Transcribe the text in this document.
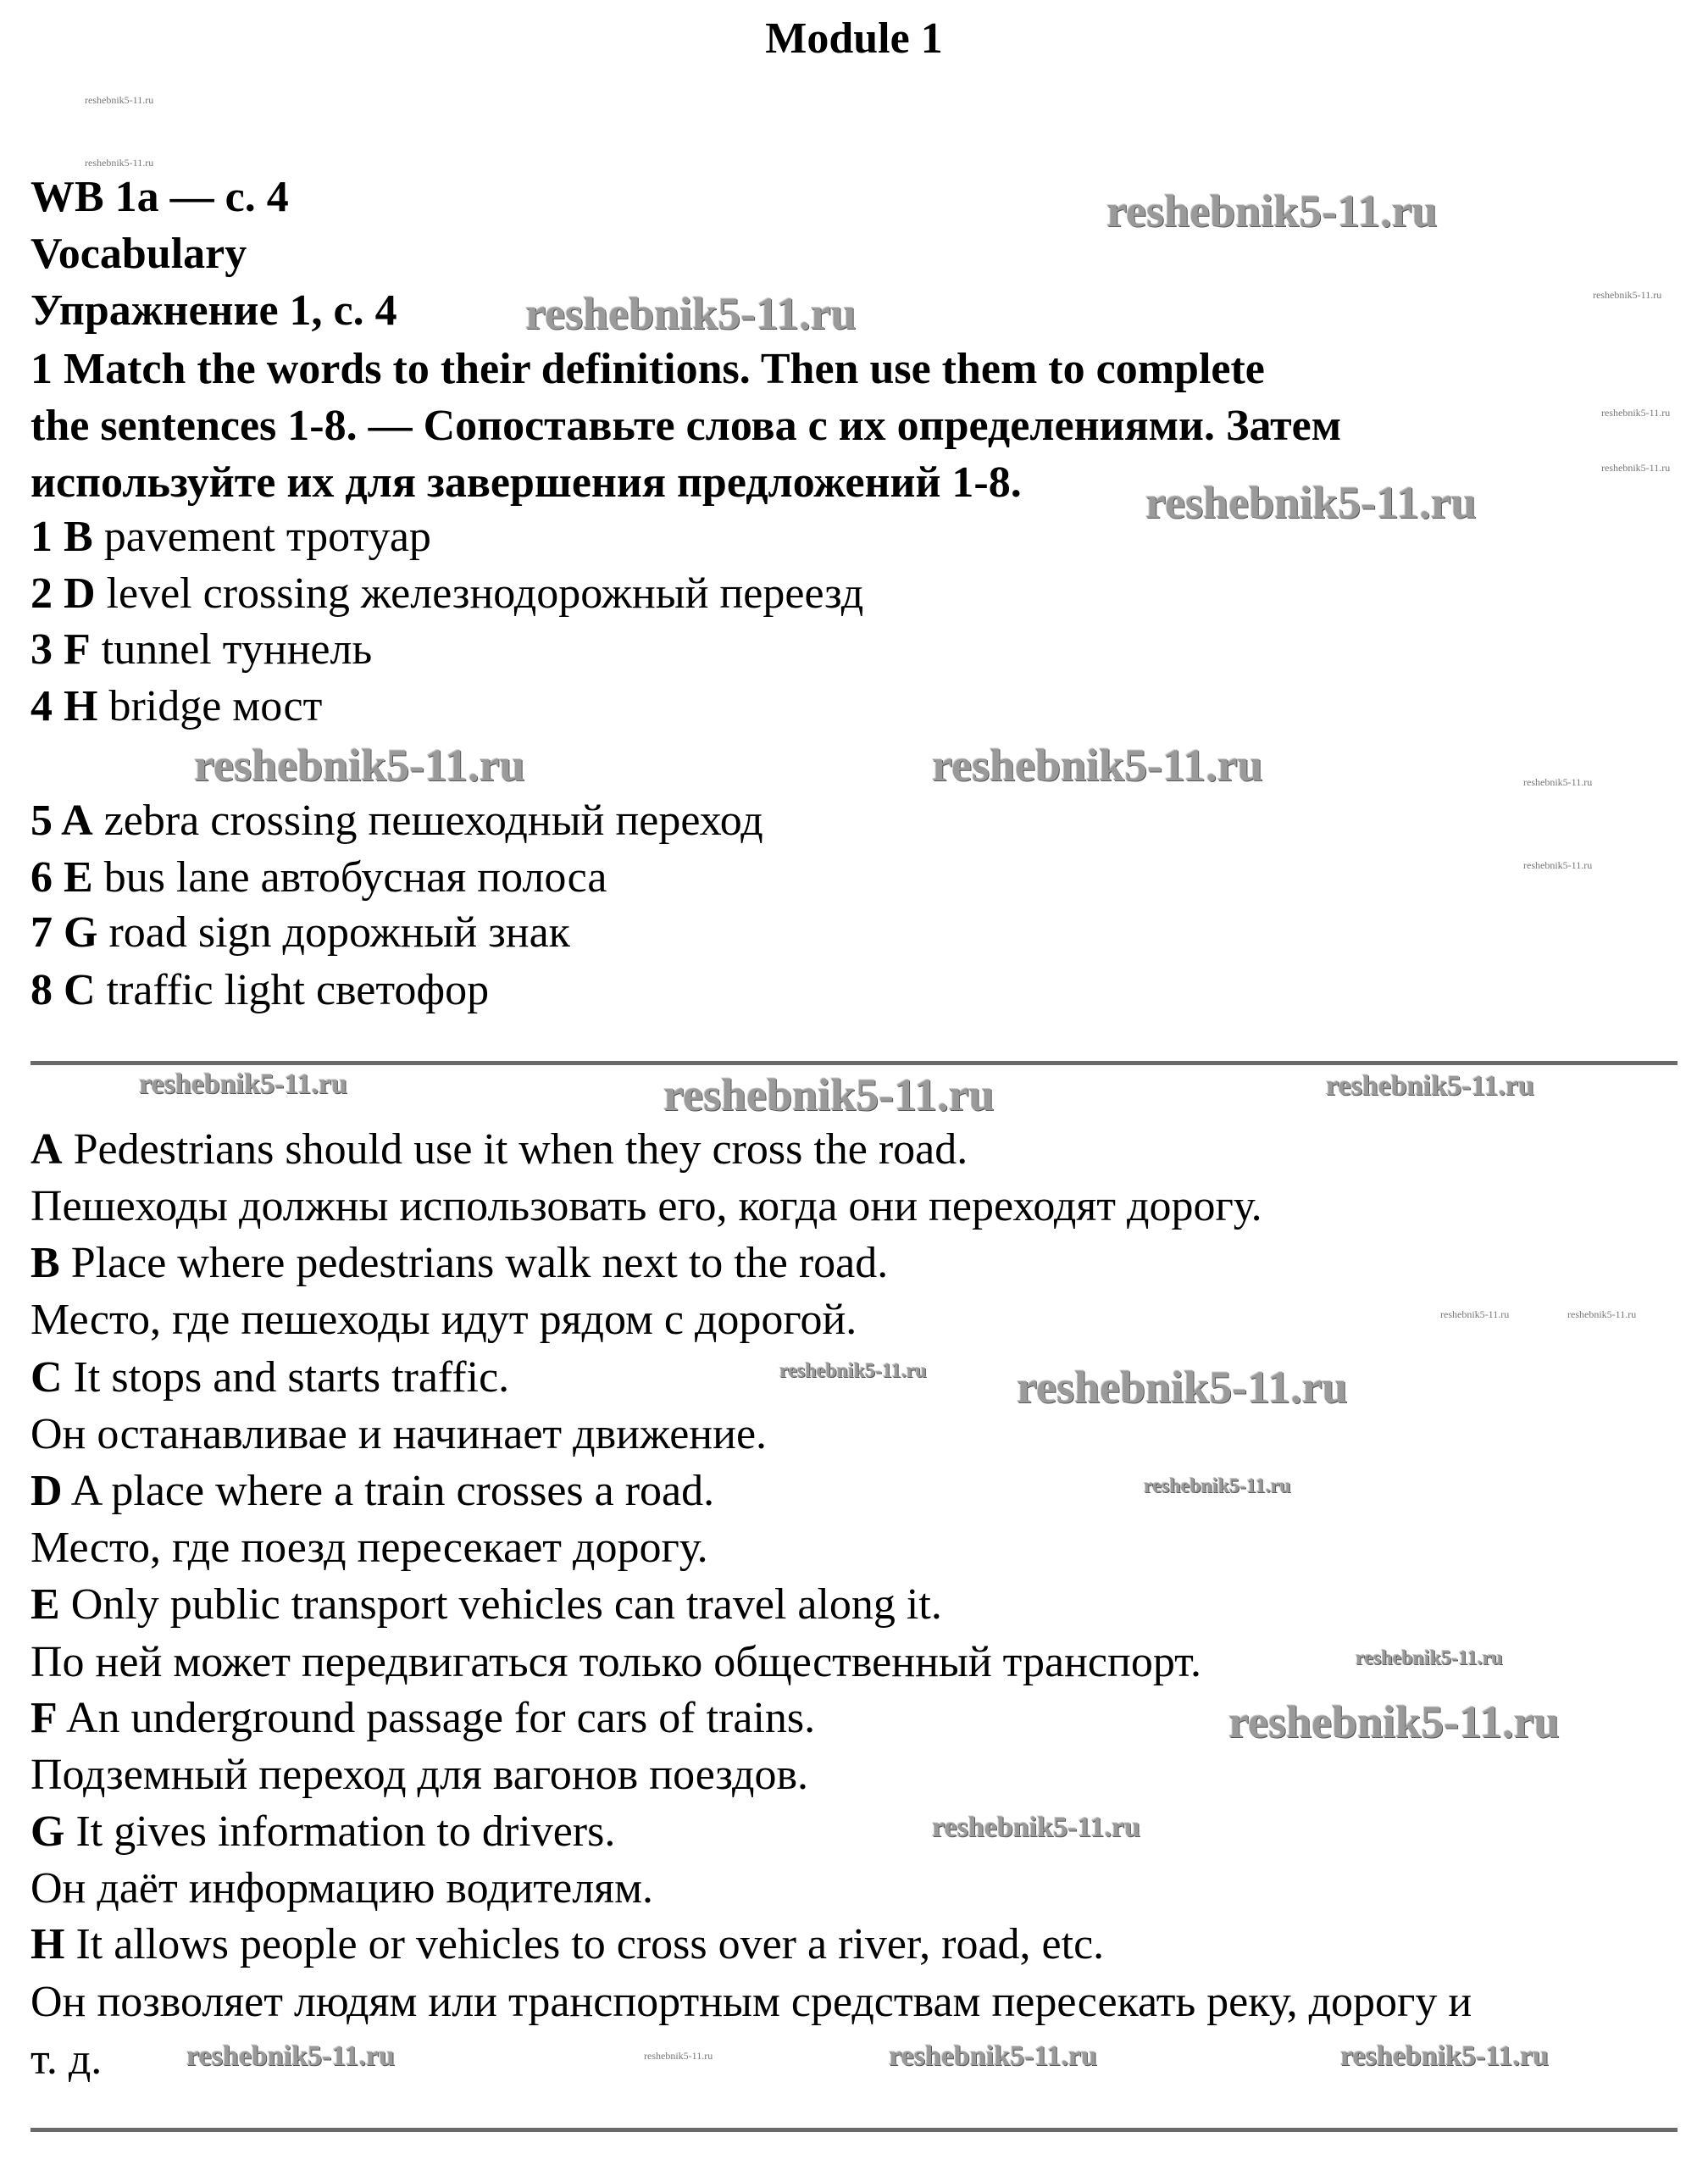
Module 1
WB 1a — c. 4
Vocabulary
Упражнение 1, с. 4
1 Match the words to their definitions. Then use them to complete
the sentences 1-8. — Сопоставьте слова с их определениями. Затем
используйте их для завершения предложений 1-8.
1 B pavement тротуар
2 D level crossing железнодорожный переезд
3 F tunnel туннель
4 H bridge мост
5 A zebra crossing пешеходный переход
6 E bus lane автобусная полоса
7 G road sign дорожный знак
8 C traffic light светофор
A Pedestrians should use it when they cross the road.
Пешеходы должны использовать его, когда они переходят дорогу.
B Place where pedestrians walk next to the road.
Место, где пешеходы идут рядом с дорогой.
C It stops and starts traffic.
Он останавливае и начинает движение.
D A place where a train crosses a road.
Место, где поезд пересекает дорогу.
E Only public transport vehicles can travel along it.
По ней может передвигаться только общественный транспорт.
F An underground passage for cars of trains.
Подземный переход для вагонов поездов.
G It gives information to drivers.
Он даёт информацию водителям.
H It allows people or vehicles to cross over a river, road, etc.
Он позволяет людям или транспортным средствам пересекать реку, дорогу и
т. д.
reshebnik5-11.ru
reshebnik5-11.ru
reshebnik5-11.ru
reshebnik5-11.ru	reshebnik5-11.ru
reshebnik5-11.ru
reshebnik5-11.ru
reshebnik5-11.ru
reshebnik5-11.ru	reshebnik5-11.ru
reshebnik5-11.ru	reshebnik5-11.ru
reshebnik5-11.ru
reshebnik5-11.ru
reshebnik5-11.ru
reshebnik5-11.ru
reshebnik5-11.ru
reshebnik5-11.ru
reshebnik5-11.ru
reshebnik5-11.ru
reshebnik5-11.ru
reshebnik5-11.ru
reshebnik5-11.ru
reshebnik5-11.ru
reshebnik5-11.ru	reshebnik5-11.ru
reshebnik5-11.ru
